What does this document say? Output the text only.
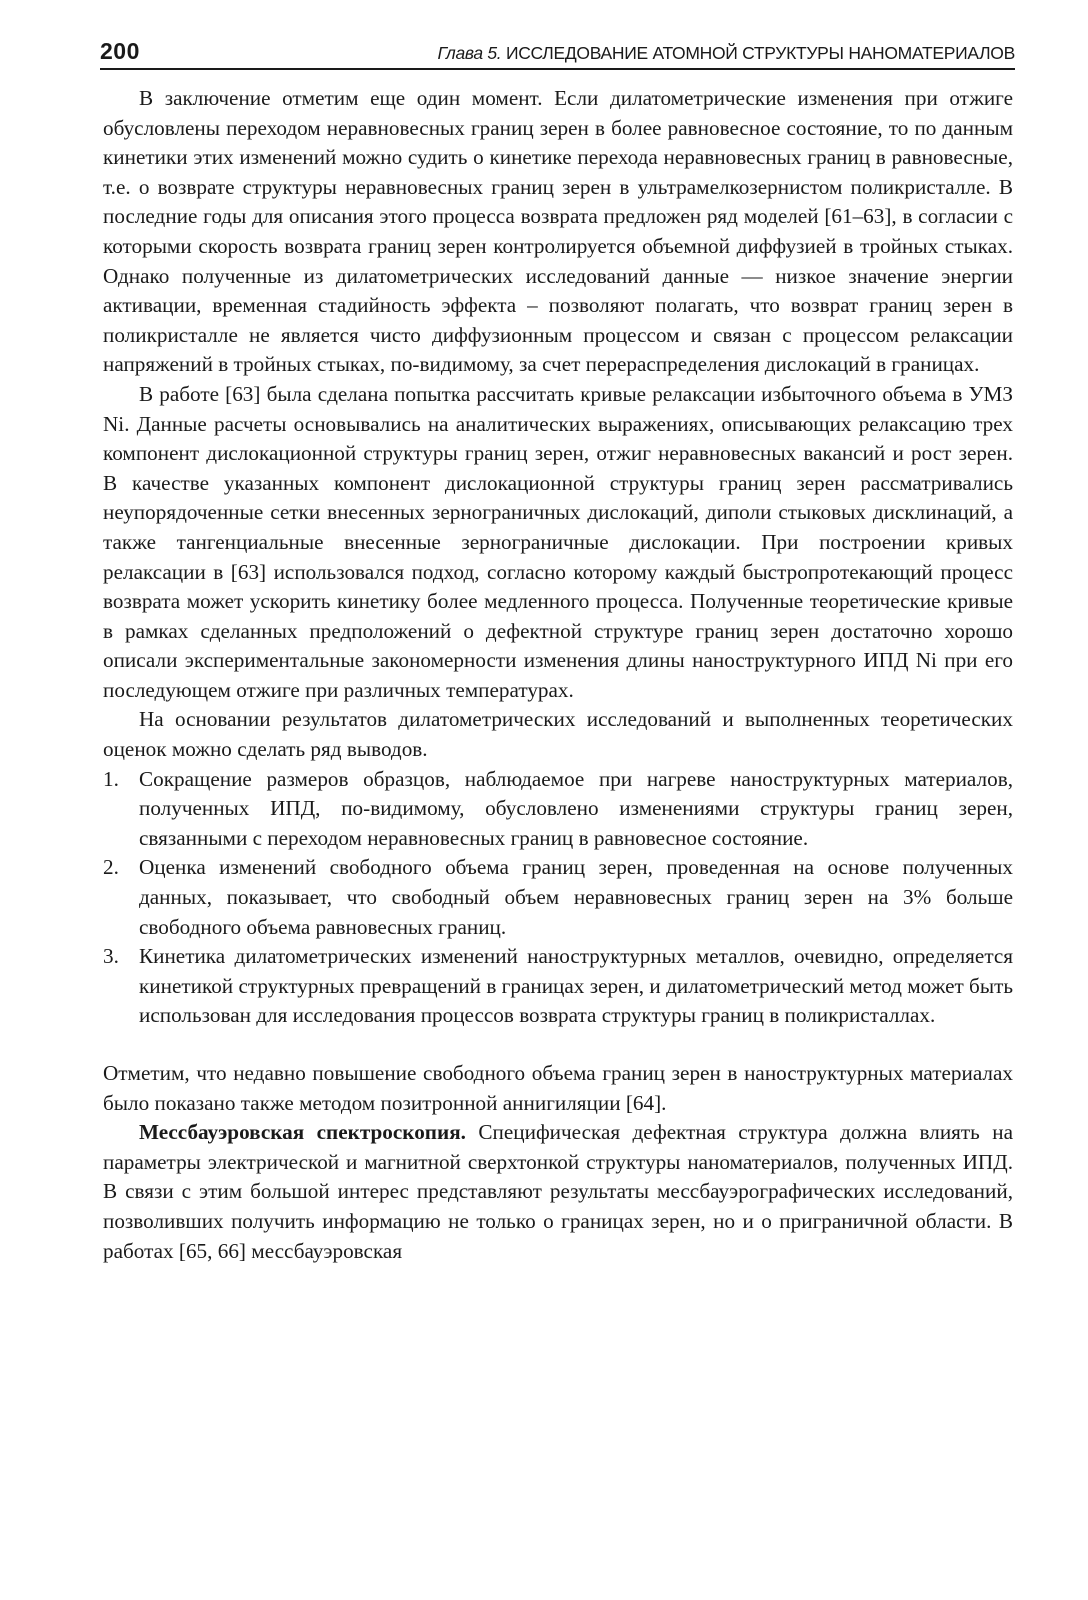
200	Глава 5. ИССЛЕДОВАНИЕ АТОМНОЙ СТРУКТУРЫ НАНОМАТЕРИАЛОВ

В заключение отметим еще один момент. Если дилатометрические изменения при отжиге обусловлены переходом неравновесных границ зерен в более равновесное состояние, то по данным кинетики этих изменений можно судить о кинетике перехода неравновесных границ в равновесные, т.е. о возврате структуры неравновесных границ зерен в ультрамелкозернистом поликристалле. В последние годы для описания этого процесса возврата предложен ряд моделей [61–63], в согласии с которыми скорость возврата границ зерен контролируется объемной диффузией в тройных стыках. Однако полученные из дилатометрических исследований данные — низкое значение энергии активации, временная стадийность эффекта – позволяют полагать, что возврат границ зерен в поликристалле не является чисто диффузионным процессом и связан с процессом релаксации напряжений в тройных стыках, по-видимому, за счет перераспределения дислокаций в границах.

В работе [63] была сделана попытка рассчитать кривые релаксации избыточного объема в УМЗ Ni. Данные расчеты основывались на аналитических выражениях, описывающих релаксацию трех компонент дислокационной структуры границ зерен, отжиг неравновесных вакансий и рост зерен. В качестве указанных компонент дислокационной структуры границ зерен рассматривались неупорядоченные сетки внесенных зернограничных дислокаций, диполи стыковых дисклинаций, а также тангенциальные внесенные зернограничные дислокации. При построении кривых релаксации в [63] использовался подход, согласно которому каждый быстропротекающий процесс возврата может ускорить кинетику более медленного процесса. Полученные теоретические кривые в рамках сделанных предположений о дефектной структуре границ зерен достаточно хорошо описали экспериментальные закономерности изменения длины наноструктурного ИПД Ni при его последующем отжиге при различных температурах.

На основании результатов дилатометрических исследований и выполненных теоретических оценок можно сделать ряд выводов.

1. Сокращение размеров образцов, наблюдаемое при нагреве наноструктурных материалов, полученных ИПД, по-видимому, обусловлено изменениями структуры границ зерен, связанными с переходом неравновесных границ в равновесное состояние.
2. Оценка изменений свободного объема границ зерен, проведенная на основе полученных данных, показывает, что свободный объем неравновесных границ зерен на 3% больше свободного объема равновесных границ.
3. Кинетика дилатометрических изменений наноструктурных металлов, очевидно, определяется кинетикой структурных превращений в границах зерен, и дилатометрический метод может быть использован для исследования процессов возврата структуры границ в поликристаллах.

Отметим, что недавно повышение свободного объема границ зерен в наноструктурных материалах было показано также методом позитронной аннигиляции [64].

Мессбауэровская спектроскопия. Специфическая дефектная структура должна влиять на параметры электрической и магнитной сверхтонкой структуры наноматериалов, полученных ИПД. В связи с этим большой интерес представляют результаты мессбауэрографических исследований, позволивших получить информацию не только о границах зерен, но и о приграничной области. В работах [65, 66] мессбауэровская
